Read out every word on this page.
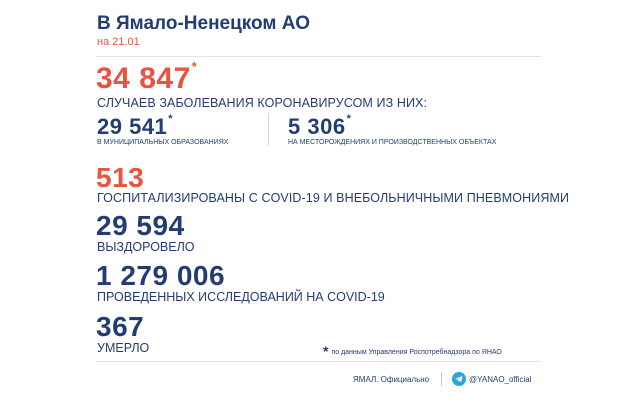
В Ямало-Ненецком АО
на 21.01
34 847*
СЛУЧАЕВ ЗАБОЛЕВАНИЯ КОРОНАВИРУСОМ ИЗ НИХ:
29 541*
В МУНИЦИПАЛЬНЫХ ОБРАЗОВАНИЯХ
5 306*
НА МЕСТОРОЖДЕНИЯХ И ПРОИЗВОДСТВЕННЫХ ОБЪЕКТАХ
513
ГОСПИТАЛИЗИРОВАНЫ С COVID-19 И ВНЕБОЛЬНИЧНЫМИ ПНЕВМОНИЯМИ
29 594
ВЫЗДОРОВЕЛО
1 279 006
ПРОВЕДЕННЫХ ИССЛЕДОВАНИЙ НА COVID-19
367
УМЕРЛО	* по данным Управления Роспотребнадзора по ЯНАО
ЯМАЛ. Официально	@YANAO_official
